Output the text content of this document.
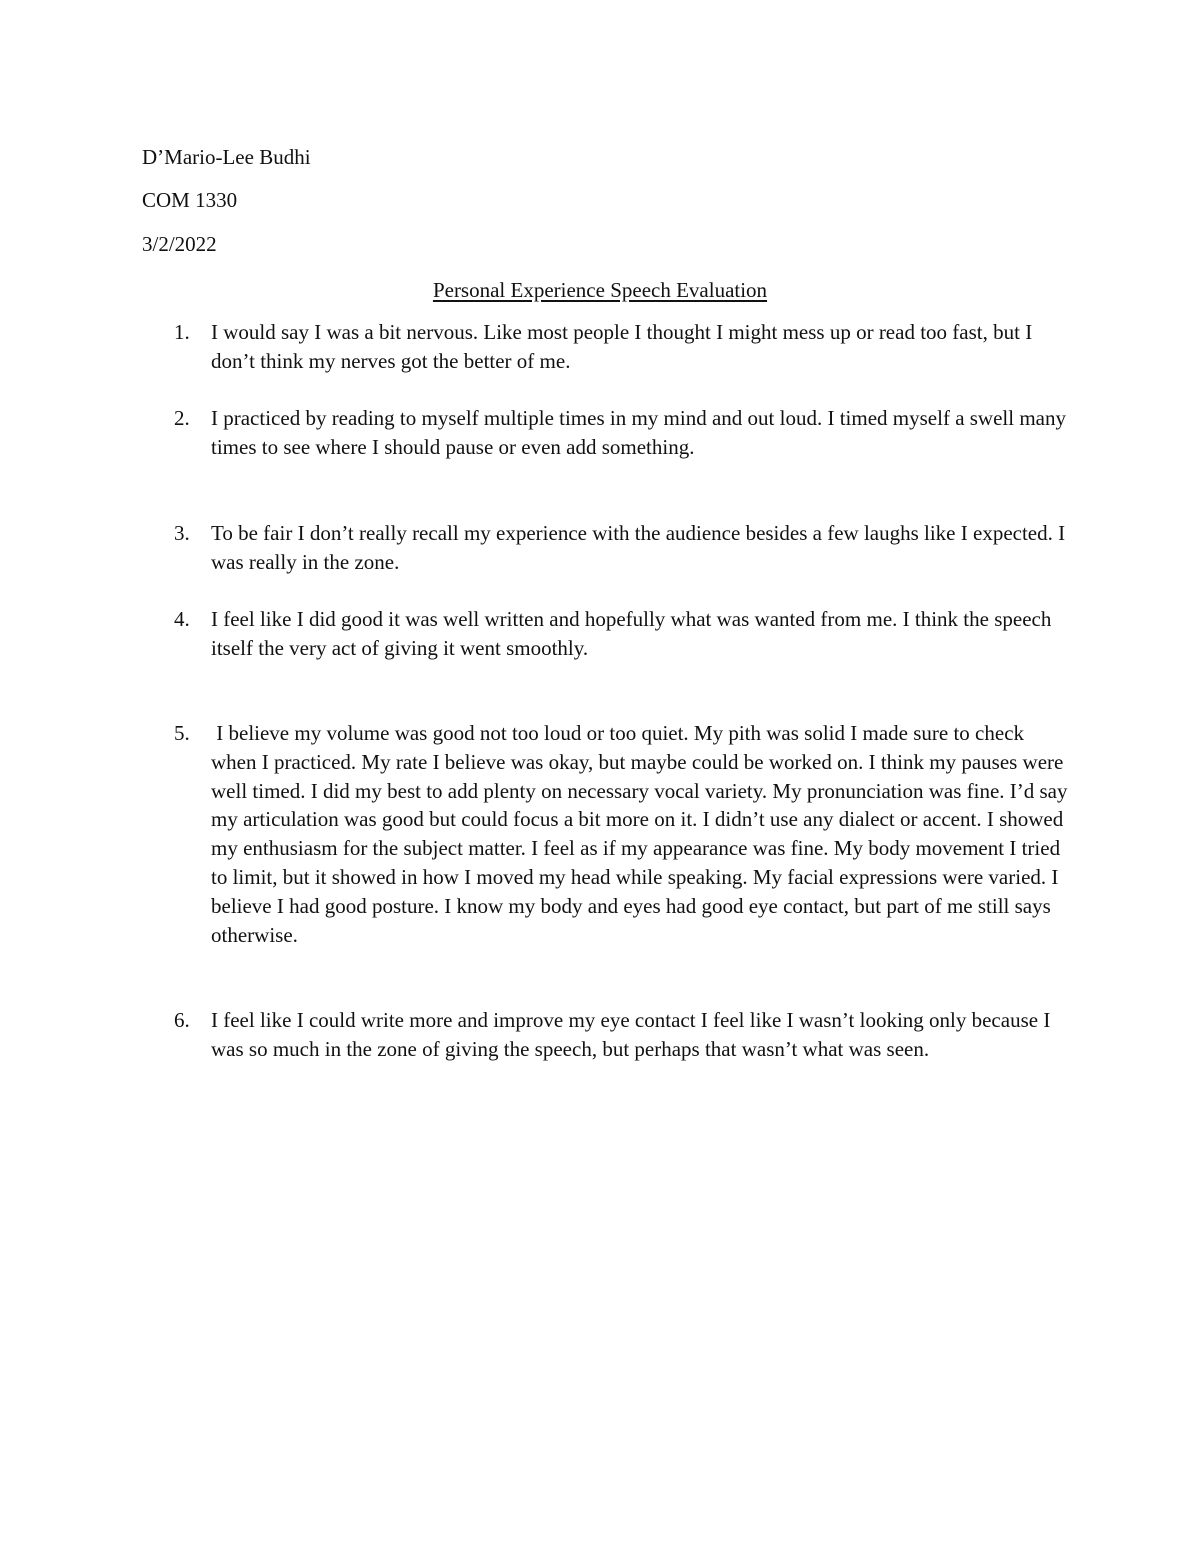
D’Mario-Lee Budhi
COM 1330
3/2/2022
Personal Experience Speech Evaluation
1. I would say I was a bit nervous. Like most people I thought I might mess up or read too fast, but I don’t think my nerves got the better of me.
2. I practiced by reading to myself multiple times in my mind and out loud. I timed myself a swell many times to see where I should pause or even add something.
3. To be fair I don’t really recall my experience with the audience besides a few laughs like I expected. I was really in the zone.
4. I feel like I did good it was well written and hopefully what was wanted from me. I think the speech itself the very act of giving it went smoothly.
5. I believe my volume was good not too loud or too quiet. My pith was solid I made sure to check when I practiced. My rate I believe was okay, but maybe could be worked on. I think my pauses were well timed. I did my best to add plenty on necessary vocal variety. My pronunciation was fine. I’d say my articulation was good but could focus a bit more on it. I didn’t use any dialect or accent. I showed my enthusiasm for the subject matter. I feel as if my appearance was fine. My body movement I tried to limit, but it showed in how I moved my head while speaking. My facial expressions were varied. I believe I had good posture. I know my body and eyes had good eye contact, but part of me still says otherwise.
6. I feel like I could write more and improve my eye contact I feel like I wasn’t looking only because I was so much in the zone of giving the speech, but perhaps that wasn’t what was seen.
